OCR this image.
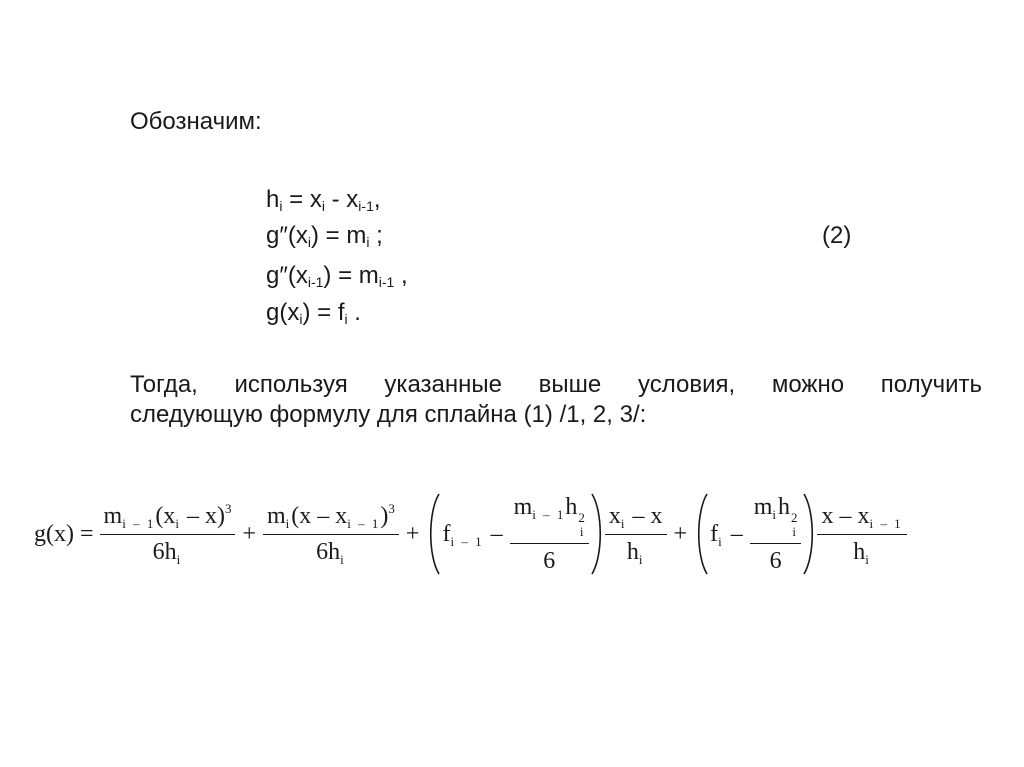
Обозначим:
$h_i = x_i - x_{i-1}$,
$g''(x_i) = m_i$ ;	(2)
$g''(x_{i-1}) = m_{i-1}$ ,
$g(x_i) = f_i$ .
Тогда, используя указанные выше условия, можно получить
следующую формулу для сплайна (1) /1, 2, 3/:
$g(x) = \frac{m_{i - 1}(x_i - x)^3}{6h_i} + \frac{m_i(x - x_{i - 1})^3}{6h_i} + f_{i - 1} - m_{i - 1}h$ 2
i
$6 \frac{x_i - x}{h_i} + f_i - m_ih$ 2
i
$6 \frac{x - x_{i - 1}}{h_i}$
